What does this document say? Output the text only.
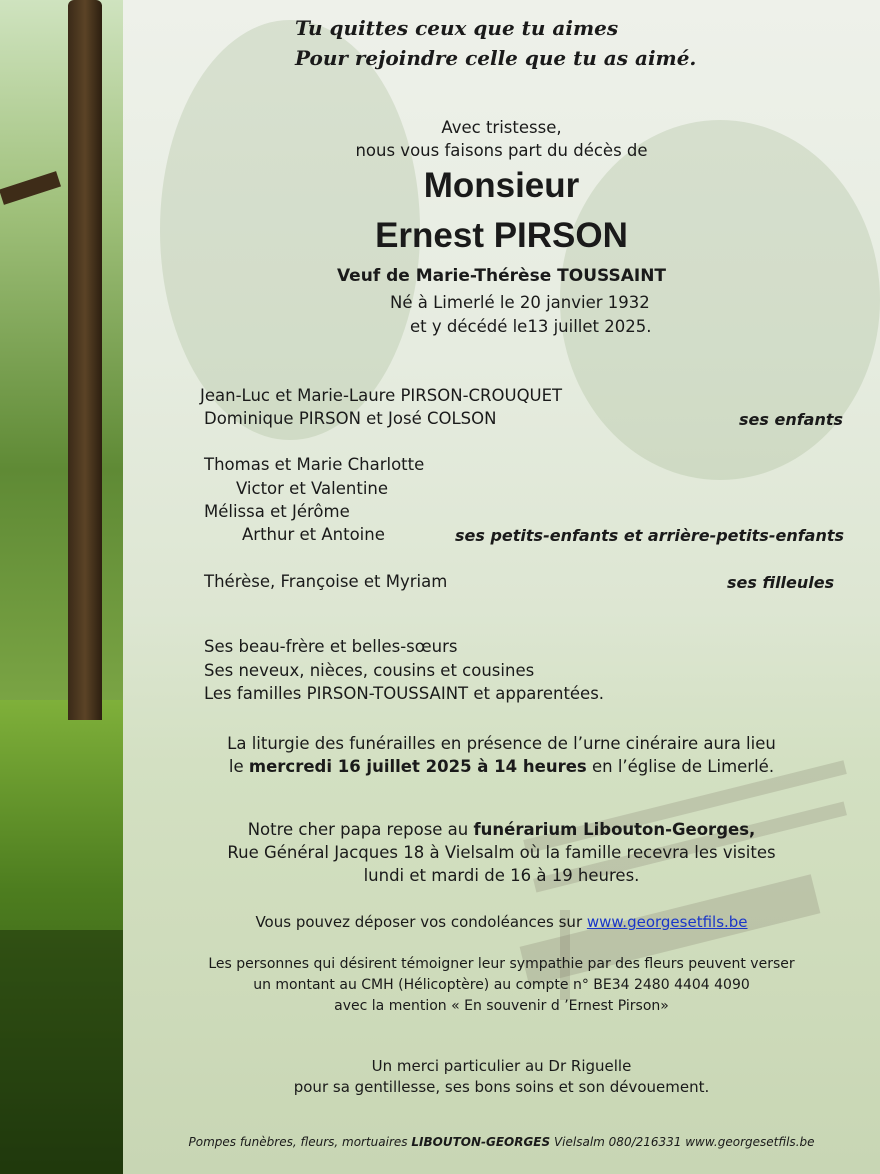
Tu quittes ceux que tu aimes
Pour rejoindre celle que tu as aimé.
Avec tristesse,
nous vous faisons part du décès de
Monsieur
Ernest PIRSON
Veuf de Marie-Thérèse TOUSSAINT
Né à Limerlé le 20 janvier 1932
et y décédé le13 juillet 2025.
Jean-Luc et Marie-Laure PIRSON-CROUQUET
Dominique PIRSON et José COLSON	ses enfants
Thomas et Marie Charlotte
Victor et Valentine
Mélissa et Jérôme
Arthur et Antoine	ses petits-enfants et arrière-petits-enfants
Thérèse, Françoise et Myriam	ses filleules
Ses beau-frère et belles-sœurs
Ses neveux, nièces, cousins et cousines
Les familles PIRSON-TOUSSAINT et apparentées.
La liturgie des funérailles en présence de l’urne cinéraire aura lieu
le mercredi 16 juillet 2025 à 14 heures en l’église de Limerlé.
Notre cher papa repose au funérarium Libouton-Georges,
Rue Général Jacques 18 à Vielsalm où la famille recevra les visites
lundi et mardi de 16 à 19 heures.
Vous pouvez déposer vos condoléances sur www.georgesetfils.be
Les personnes qui désirent témoigner leur sympathie par des fleurs peuvent verser
un montant au CMH (Hélicoptère) au compte n° BE34 2480 4404 4090
avec la mention « En souvenir d ’Ernest Pirson»
Un merci particulier au Dr Riguelle
pour sa gentillesse, ses bons soins et son dévouement.
Pompes funèbres, fleurs, mortuaires LIBOUTON-GEORGES Vielsalm 080/216331 www.georgesetfils.be
